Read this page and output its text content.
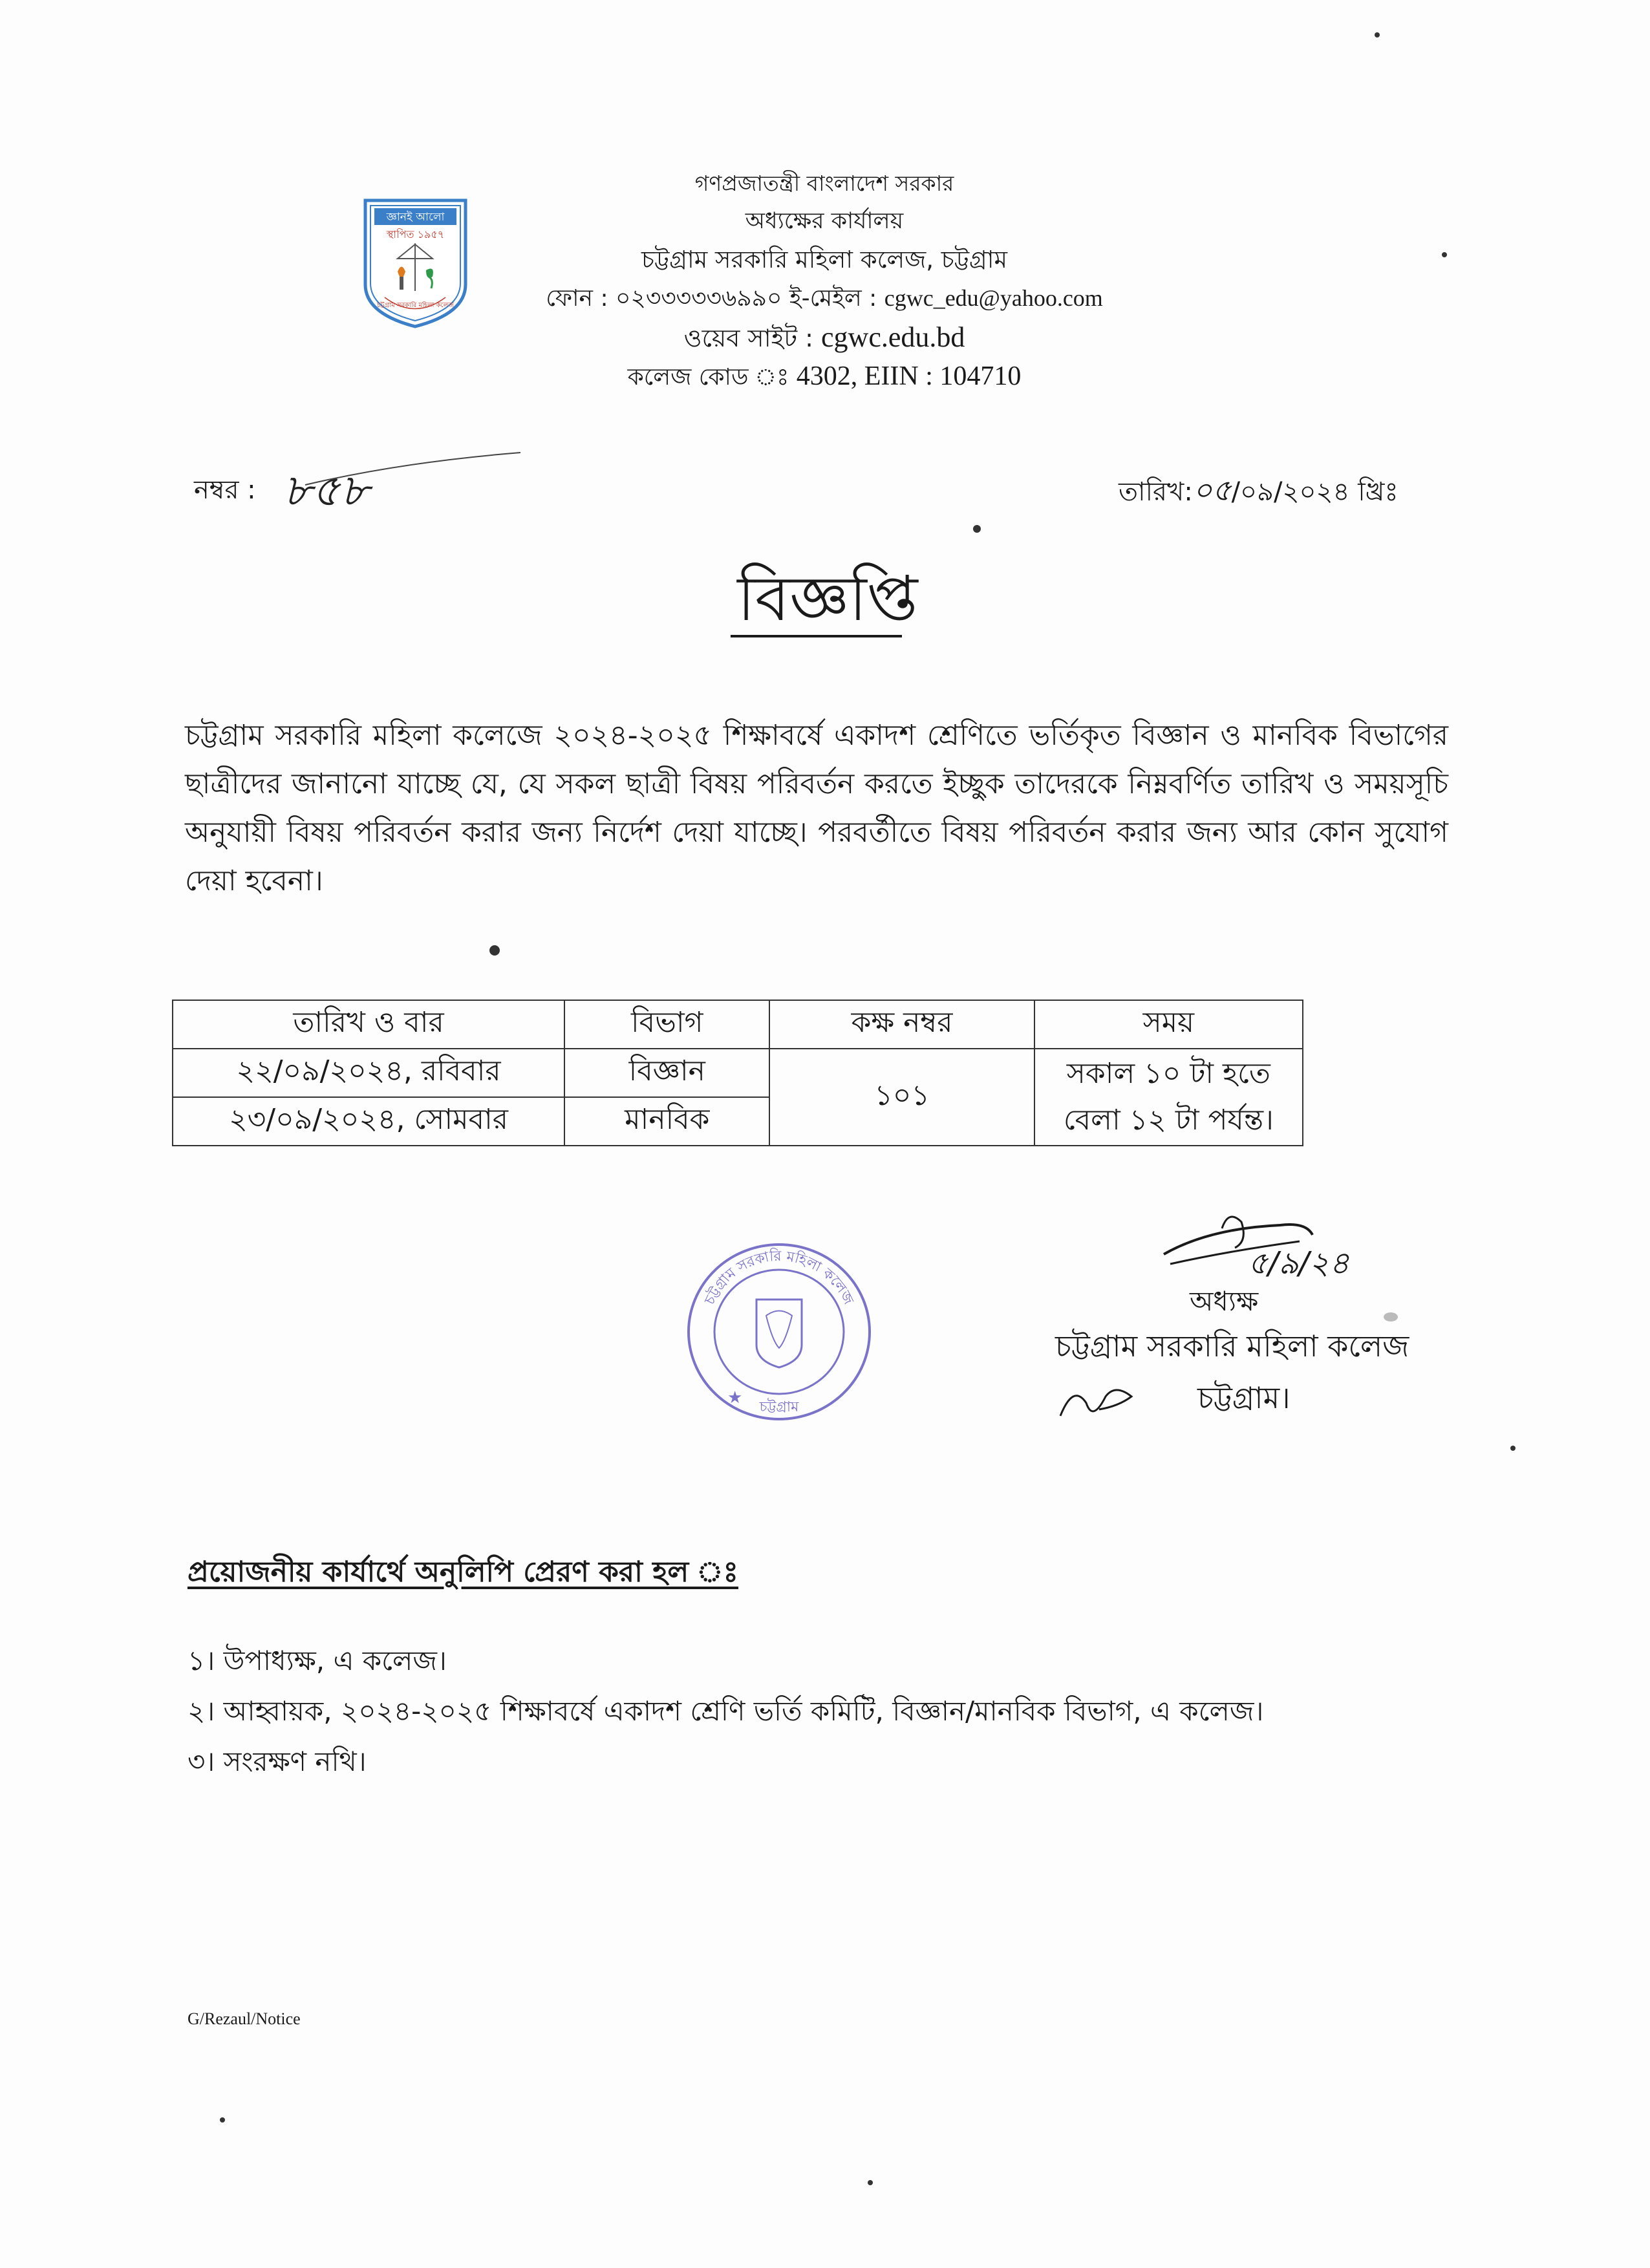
জ্ঞানই আলো
স্থাপিত ১৯৫৭
চট্টগ্রাম সরকারি মহিলা কলেজ
গণপ্রজাতন্ত্রী বাংলাদেশ সরকার
অধ্যক্ষের কার্যালয়
চট্টগ্রাম সরকারি মহিলা কলেজ, চট্টগ্রাম
ফোন : ০২৩৩৩৩৩৬৯৯০ ই-মেইল : cgwc_edu@yahoo.com
ওয়েব সাইট : cgwc.edu.bd
কলেজ কোড ঃ 4302, EIIN : 104710
নম্বর : ৮৫৮	তারিখ:০৫/০৯/২০২৪ খ্রিঃ
বিজ্ঞপ্তি
চট্টগ্রাম সরকারি মহিলা কলেজে ২০২৪-২০২৫ শিক্ষাবর্ষে একাদশ শ্রেণিতে ভর্তিকৃত বিজ্ঞান ও মানবিক বিভাগের ছাত্রীদের জানানো যাচ্ছে যে, যে সকল ছাত্রী বিষয় পরিবর্তন করতে ইচ্ছুক তাদেরকে নিম্নবর্ণিত তারিখ ও সময়সূচি অনুযায়ী বিষয় পরিবর্তন করার জন্য নির্দেশ দেয়া যাচ্ছে। পরবর্তীতে বিষয় পরিবর্তন করার জন্য আর কোন সুযোগ দেয়া হবেনা।
তারিখ ও বার	বিভাগ	কক্ষ নম্বর	সময়
২২/০৯/২০২৪, রবিবার	বিজ্ঞান	১০১	সকাল ১০ টা হতে
বেলা ১২ টা পর্যন্ত।

২৩/০৯/২০২৪, সোমবার	মানবিক		
চট্টগ্রাম সরকারি মহিলা কলেজ
চট্টগ্রাম
★
৫/৯/২৪
অধ্যক্ষ
চট্টগ্রাম সরকারি মহিলা কলেজ
চট্টগ্রাম।
প্রয়োজনীয় কার্যার্থে অনুলিপি প্রেরণ করা হল ঃ
১। উপাধ্যক্ষ, এ কলেজ।
২। আহ্বায়ক, ২০২৪-২০২৫ শিক্ষাবর্ষে একাদশ শ্রেণি ভর্তি কমিটি, বিজ্ঞান/মানবিক বিভাগ, এ কলেজ।
৩। সংরক্ষণ নথি।
G/Rezaul/Notice
